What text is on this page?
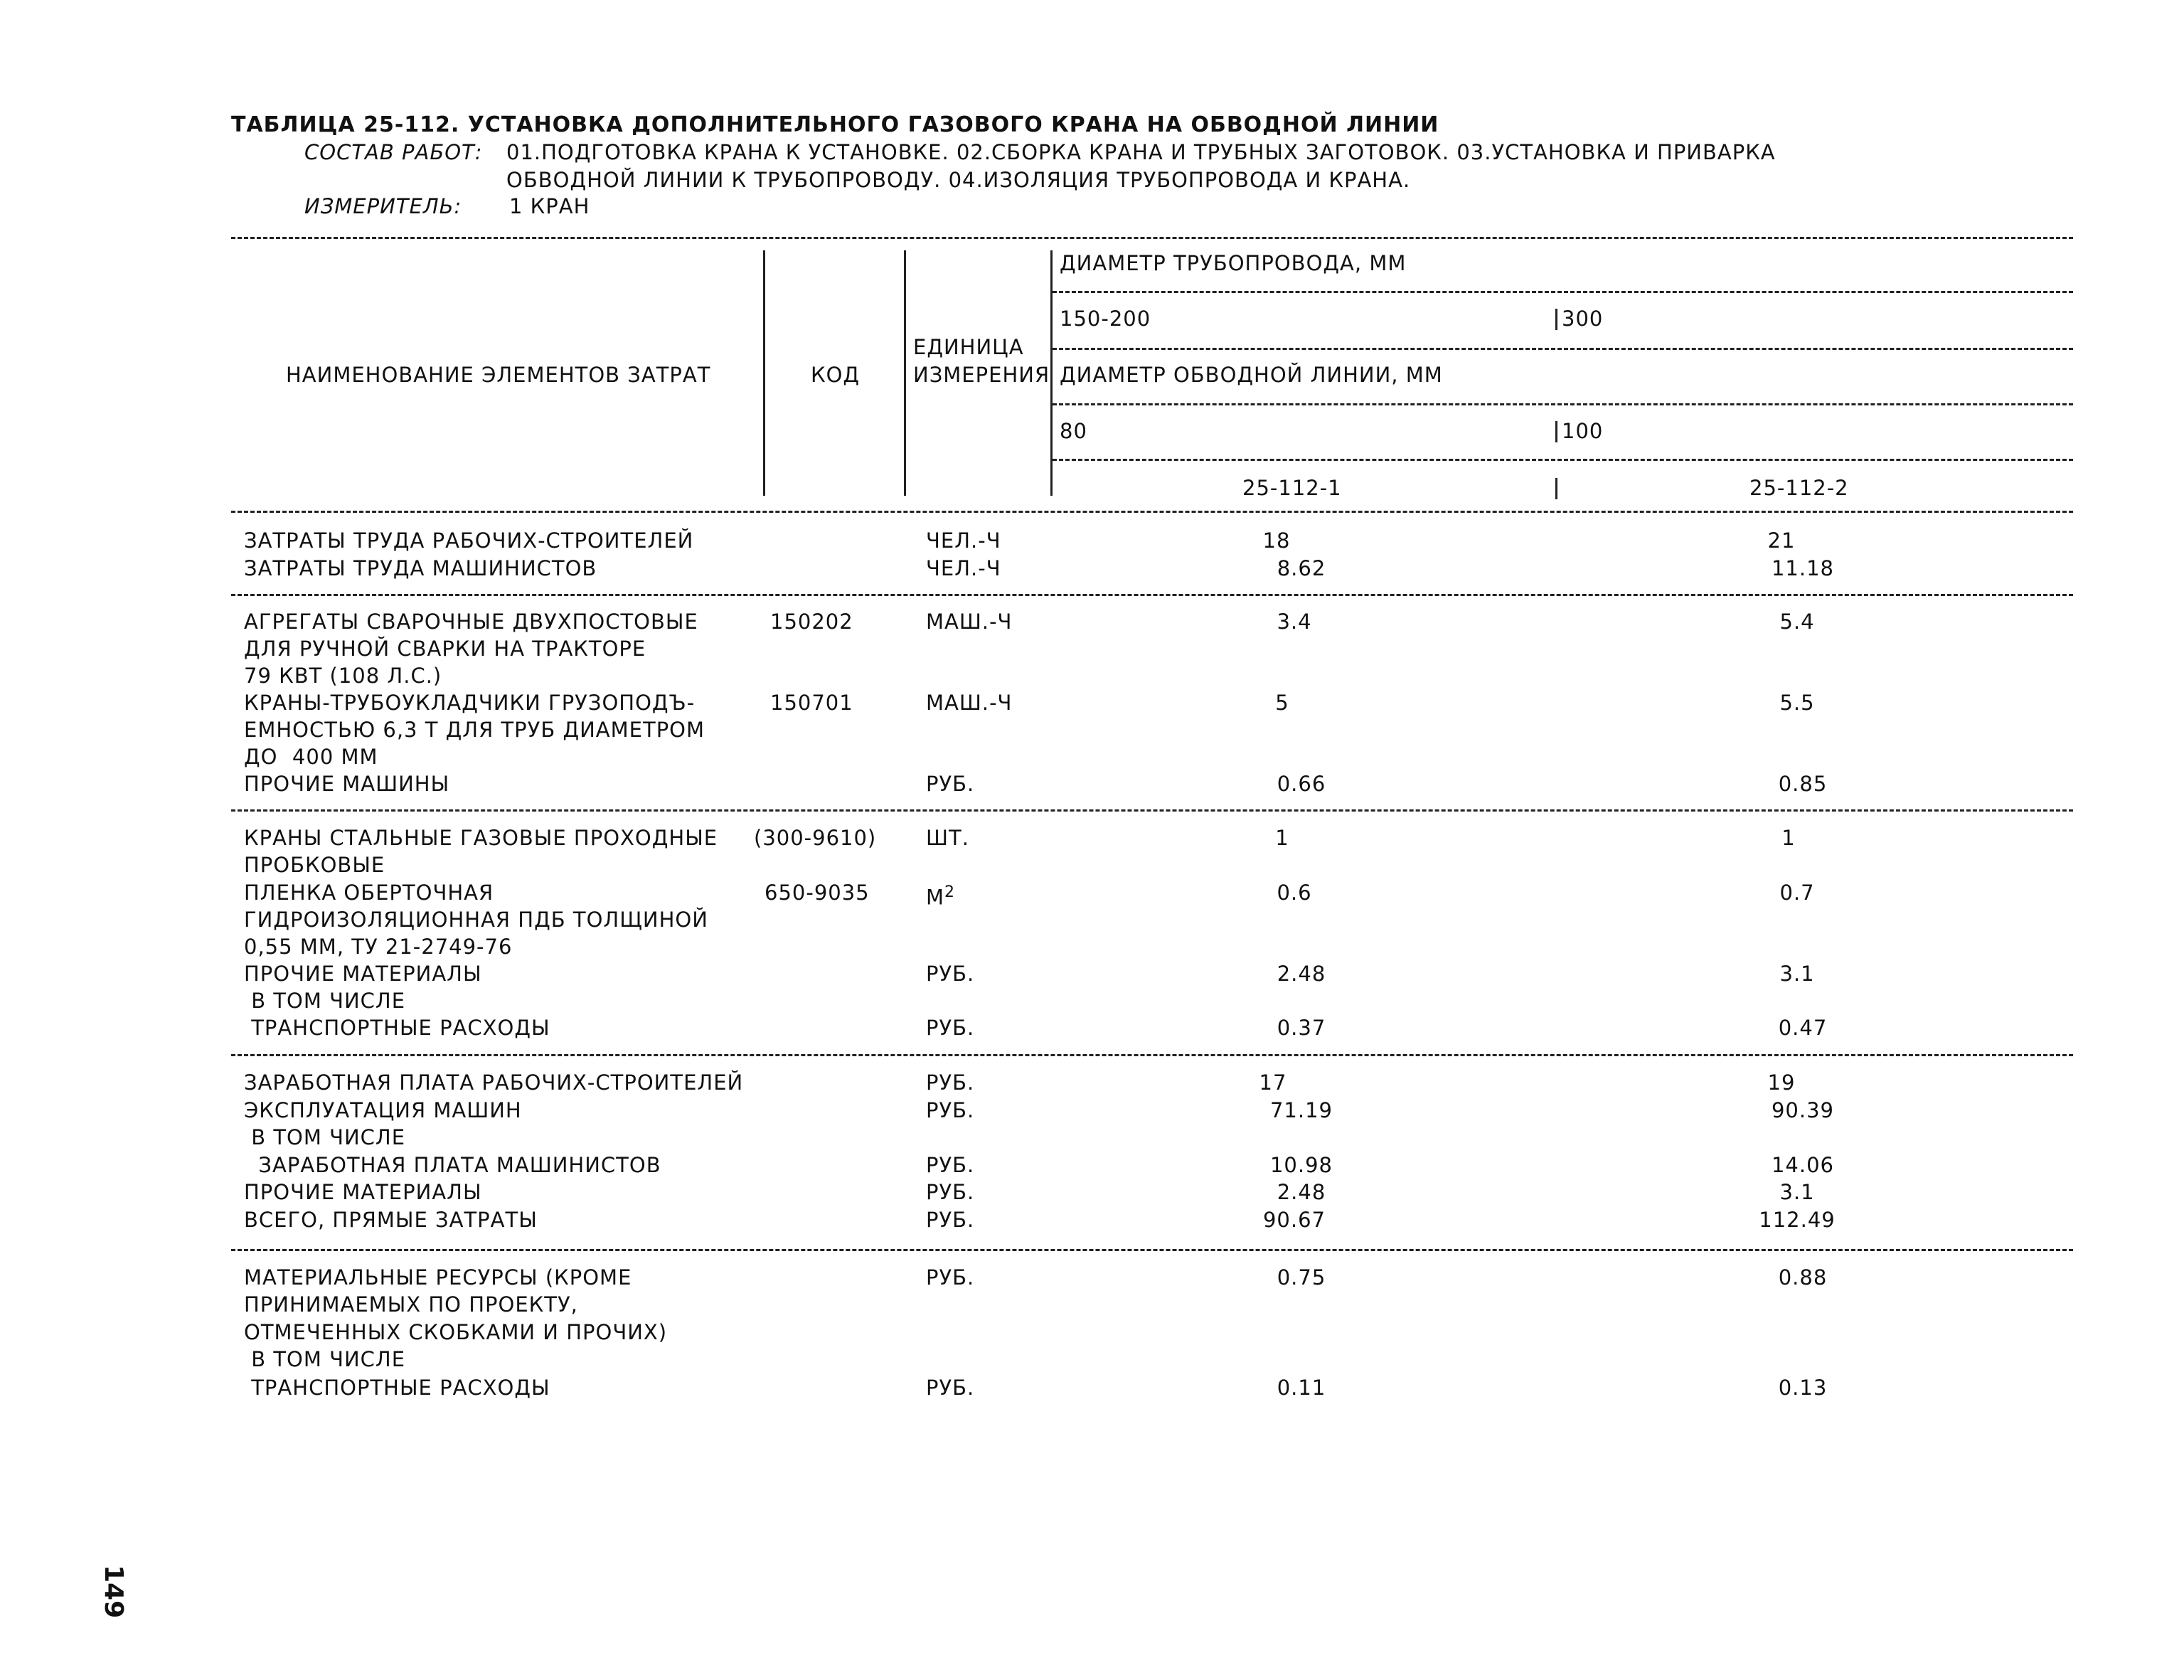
ТАБЛИЦА 25-112. УСТАНОВКА ДОПОЛНИТЕЛЬНОГО ГАЗОВОГО КРАНА НА ОБВОДНОЙ ЛИНИИ
СОСТАВ РАБОТ: 01.ПОДГОТОВКА КРАНА К УСТАНОВКЕ. 02.СБОРКА КРАНА И ТРУБНЫХ ЗАГОТОВОК. 03.УСТАНОВКА И ПРИВАРКА
ОБВОДНОЙ ЛИНИИ К ТРУБОПРОВОДУ. 04.ИЗОЛЯЦИЯ ТРУБОПРОВОДА И КРАНА.
ИЗМЕРИТЕЛЬ: 1 КРАН
НАИМЕНОВАНИЕ ЭЛЕМЕНТОВ ЗАТРАТ	КОД
ЕДИНИЦА
ИЗМЕРЕНИЯ
ДИАМЕТР ТРУБОПРОВОДА, ММ
150-200	300
ДИАМЕТР ОБВОДНОЙ ЛИНИИ, ММ
80	100
25-112-1	25-112-2
ЗАТРАТЫ ТРУДА РАБОЧИХ-СТРОИТЕЛЕЙ	ЧЕЛ.-Ч	18	21
ЗАТРАТЫ ТРУДА МАШИНИСТОВ	ЧЕЛ.-Ч	8.62	11.18
АГРЕГАТЫ СВАРОЧНЫЕ ДВУХПОСТОВЫЕ
ДЛЯ РУЧНОЙ СВАРКИ НА ТРАКТОРЕ
79 КВТ (108 Л.С.)
150202	МАШ.-Ч	3.4	5.4
КРАНЫ-ТРУБОУКЛАДЧИКИ ГРУЗОПОДЪ-
ЕМНОСТЬЮ 6,3 Т ДЛЯ ТРУБ ДИАМЕТРОМ
ДО  400 ММ
150701	МАШ.-Ч	5	5.5
ПРОЧИЕ МАШИНЫ	РУБ.	0.66	0.85
КРАНЫ СТАЛЬНЫЕ ГАЗОВЫЕ ПРОХОДНЫЕ
ПРОБКОВЫЕ
(300-9610) ШТ.	1	1
ПЛЕНКА ОБЕРТОЧНАЯ
ГИДРОИЗОЛЯЦИОННАЯ ПДБ ТОЛЩИНОЙ
0,55 ММ, ТУ 21-2749-76
650-9035	$М^2$	0.6	0.7
ПРОЧИЕ МАТЕРИАЛЫ	РУБ.	2.48	3.1
В ТОМ ЧИСЛЕ
ТРАНСПОРТНЫЕ РАСХОДЫ	РУБ.	0.37	0.47
ЗАРАБОТНАЯ ПЛАТА РАБОЧИХ-СТРОИТЕЛЕЙ	РУБ.	17	19
ЭКСПЛУАТАЦИЯ МАШИН	РУБ.	71.19	90.39
В ТОМ ЧИСЛЕ
ЗАРАБОТНАЯ ПЛАТА МАШИНИСТОВ	РУБ.	10.98	14.06
ПРОЧИЕ МАТЕРИАЛЫ	РУБ.	2.48	3.1
ВСЕГО, ПРЯМЫЕ ЗАТРАТЫ	РУБ.	90.67	112.49
МАТЕРИАЛЬНЫЕ РЕСУРСЫ (КРОМЕ
ПРИНИМАЕМЫХ ПО ПРОЕКТУ,
ОТМЕЧЕННЫХ СКОБКАМИ И ПРОЧИХ)
РУБ.	0.75	0.88
В ТОМ ЧИСЛЕ
ТРАНСПОРТНЫЕ РАСХОДЫ	РУБ.	0.11	0.13
149
